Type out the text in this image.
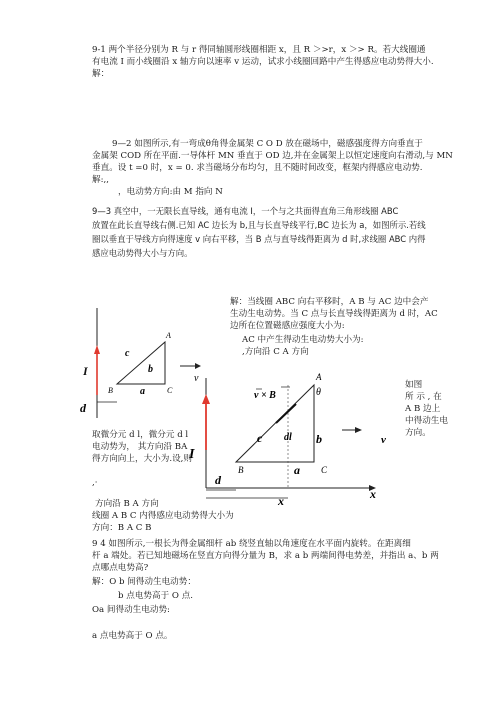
9-1 两个半径分别为 R 与 r 得同轴圆形线圈相距 x，且 R ＞>r，x ＞> R。若大线圈通
有电流 I 而小线圈沿 x 轴方向以速率 v 运动，试求小线圈回路中产生得感应电动势得大小.
解：
9—2 如图所示,有一弯成θ角得金属架 C O D 放在磁场中，磁感强度得方向垂直于
金属架 COD 所在平面.一导体杆 MN 垂直于 OD 边,并在金属架上以恒定速度向右滑动,与 MN
垂直。设 t =0 时，x = 0. 求当磁场分布均匀，且不随时间改变，框架内得感应电动势.
解:,,
，电动势方向:由 M 指向 N
9—3 真空中，一无限长直导线，通有电流 I，一个与之共面得直角三角形线圈 ABC
放置在此长直导线右侧.已知 AC 边长为 b,且与长直导线平行,BC 边长为 a，如图所示.若线
圈以垂直于导线方向得速度 v 向右平移，当 B 点与直导线得距离为 d 时,求线圈 ABC 内得
感应电动势得大小与方向。
解：当线圈 ABC 向右平移时，A B 与 AC 边中会产
生动生电动势。当 C 点与长直导线得距离为 d 时，AC
边所在位置磁感应强度大小为:
AC 中产生得动生电动势大小为:
,方向沿 C A 方向
如图
所 示 , 在
A B 边上
中得动生电
方向。
取微分元 d l，微分元 d l
电动势为， 其方向沿 BA
得方向向上，大小为.设,则
,·
方向沿 B A 方向
线圈 A B C 内得感应电动势得大小为
方向：B A C B
9 4 如图所示,一根长为得金属细杆 ab 绕竖直轴以角速度在水平面内旋转。在距离细
杆 a 端处。若已知地磁场在竖直方向得分量为 B，求 a b 两端间得电势差，并指出 a、b 两
点哪点电势高?
解：O b 间得动生电动势：
b 点电势高于 O 点.
Oa 间得动生电动势:
a 点电势高于 O 点。
I
A
B	C
c
b
a
d
v
I
A
B	C
θ
c dl b
a
v × B
v
d
x	x
